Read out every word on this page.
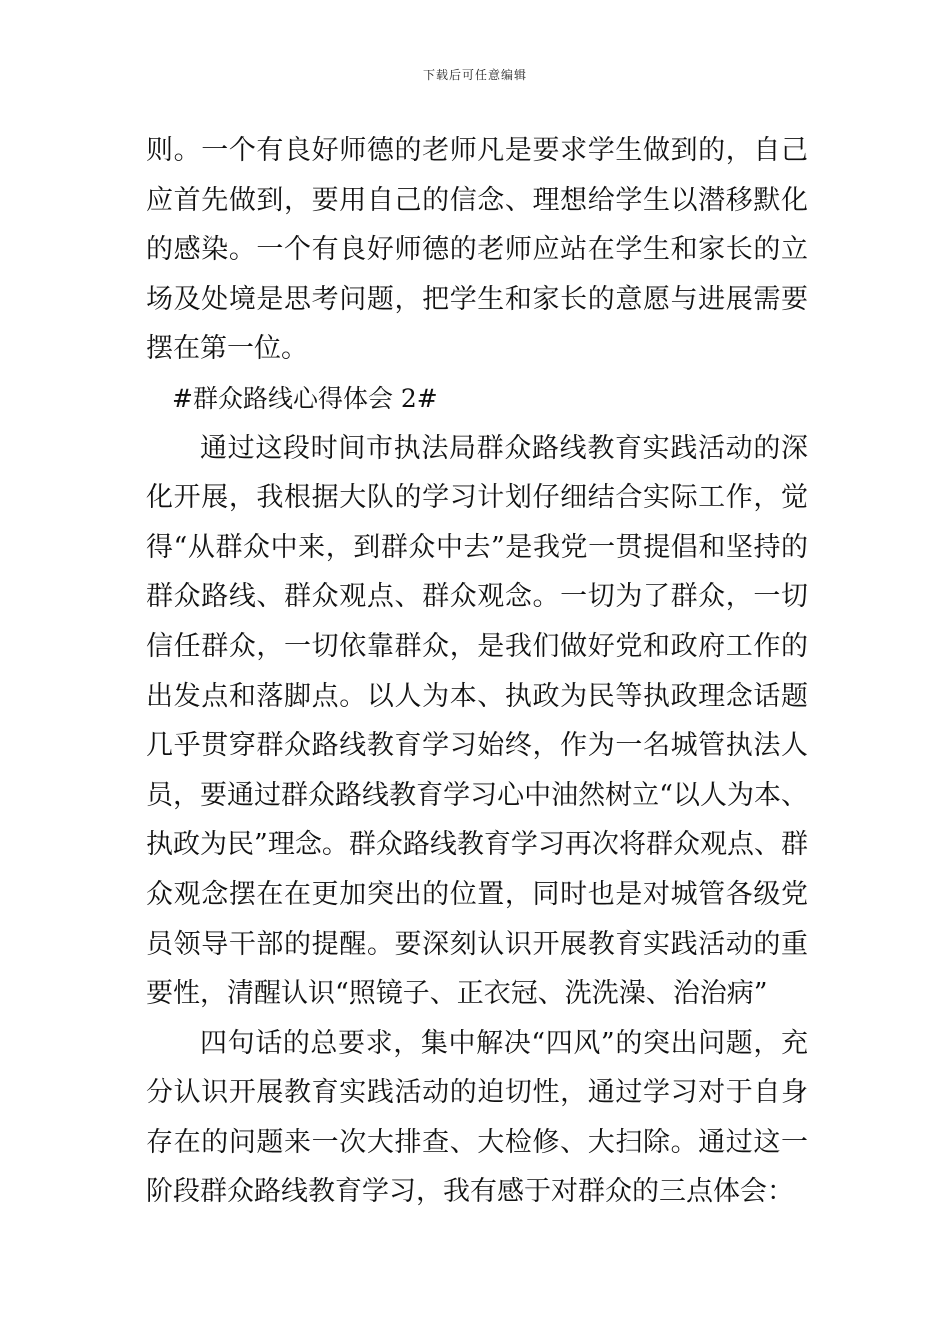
下载后可任意编辑

则。一个有良好师德的老师凡是要求学生做到的，自己应首先做到，要用自己的信念、理想给学生以潜移默化的感染。一个有良好师德的老师应站在学生和家长的立场及处境是思考问题，把学生和家长的意愿与进展需要摆在第一位。

#群众路线心得体会 2#

通过这段时间市执法局群众路线教育实践活动的深化开展，我根据大队的学习计划仔细结合实际工作，觉得“从群众中来，到群众中去”是我党一贯提倡和坚持的群众路线、群众观点、群众观念。一切为了群众，一切信任群众，一切依靠群众，是我们做好党和政府工作的出发点和落脚点。以人为本、执政为民等执政理念话题几乎贯穿群众路线教育学习始终，作为一名城管执法人员，要通过群众路线教育学习心中油然树立“以人为本、执政为民”理念。群众路线教育学习再次将群众观点、群众观念摆在在更加突出的位置，同时也是对城管各级党员领导干部的提醒。要深刻认识开展教育实践活动的重要性，清醒认识“照镜子、正衣冠、洗洗澡、治治病”

四句话的总要求，集中解决“四风”的突出问题，充分认识开展教育实践活动的迫切性，通过学习对于自身存在的问题来一次大排查、大检修、大扫除。通过这一阶段群众路线教育学习，我有感于对群众的三点体会：
